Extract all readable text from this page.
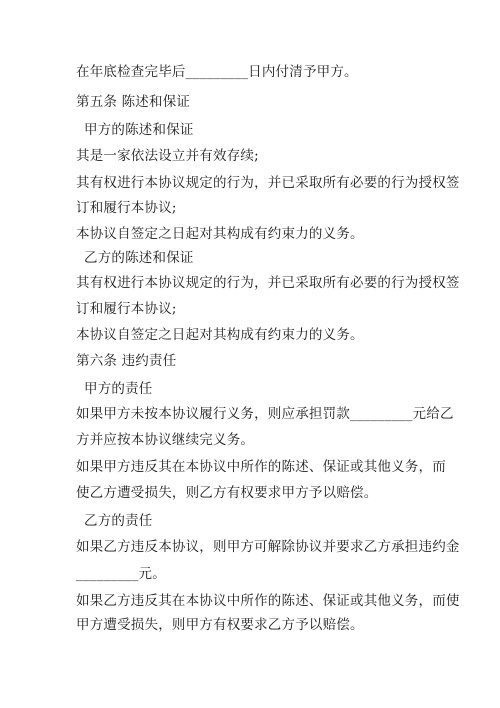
在年底检查完毕后_________日内付清予甲方。
第五条 陈述和保证
甲方的陈述和保证
其是一家依法设立并有效存续;
其有权进行本协议规定的行为，并已采取所有必要的行为授权签
订和履行本协议;
本协议自签定之日起对其构成有约束力的义务。
乙方的陈述和保证
其有权进行本协议规定的行为，并已采取所有必要的行为授权签
订和履行本协议;
本协议自签定之日起对其构成有约束力的义务。
第六条 违约责任
甲方的责任
如果甲方未按本协议履行义务，则应承担罚款_________元给乙
方并应按本协议继续完义务。
如果甲方违反其在本协议中所作的陈述、保证或其他义务，而
使乙方遭受损失，则乙方有权要求甲方予以赔偿。
乙方的责任
如果乙方违反本协议，则甲方可解除协议并要求乙方承担违约金
_________元。
如果乙方违反其在本协议中所作的陈述、保证或其他义务，而使
甲方遭受损失，则甲方有权要求乙方予以赔偿。
